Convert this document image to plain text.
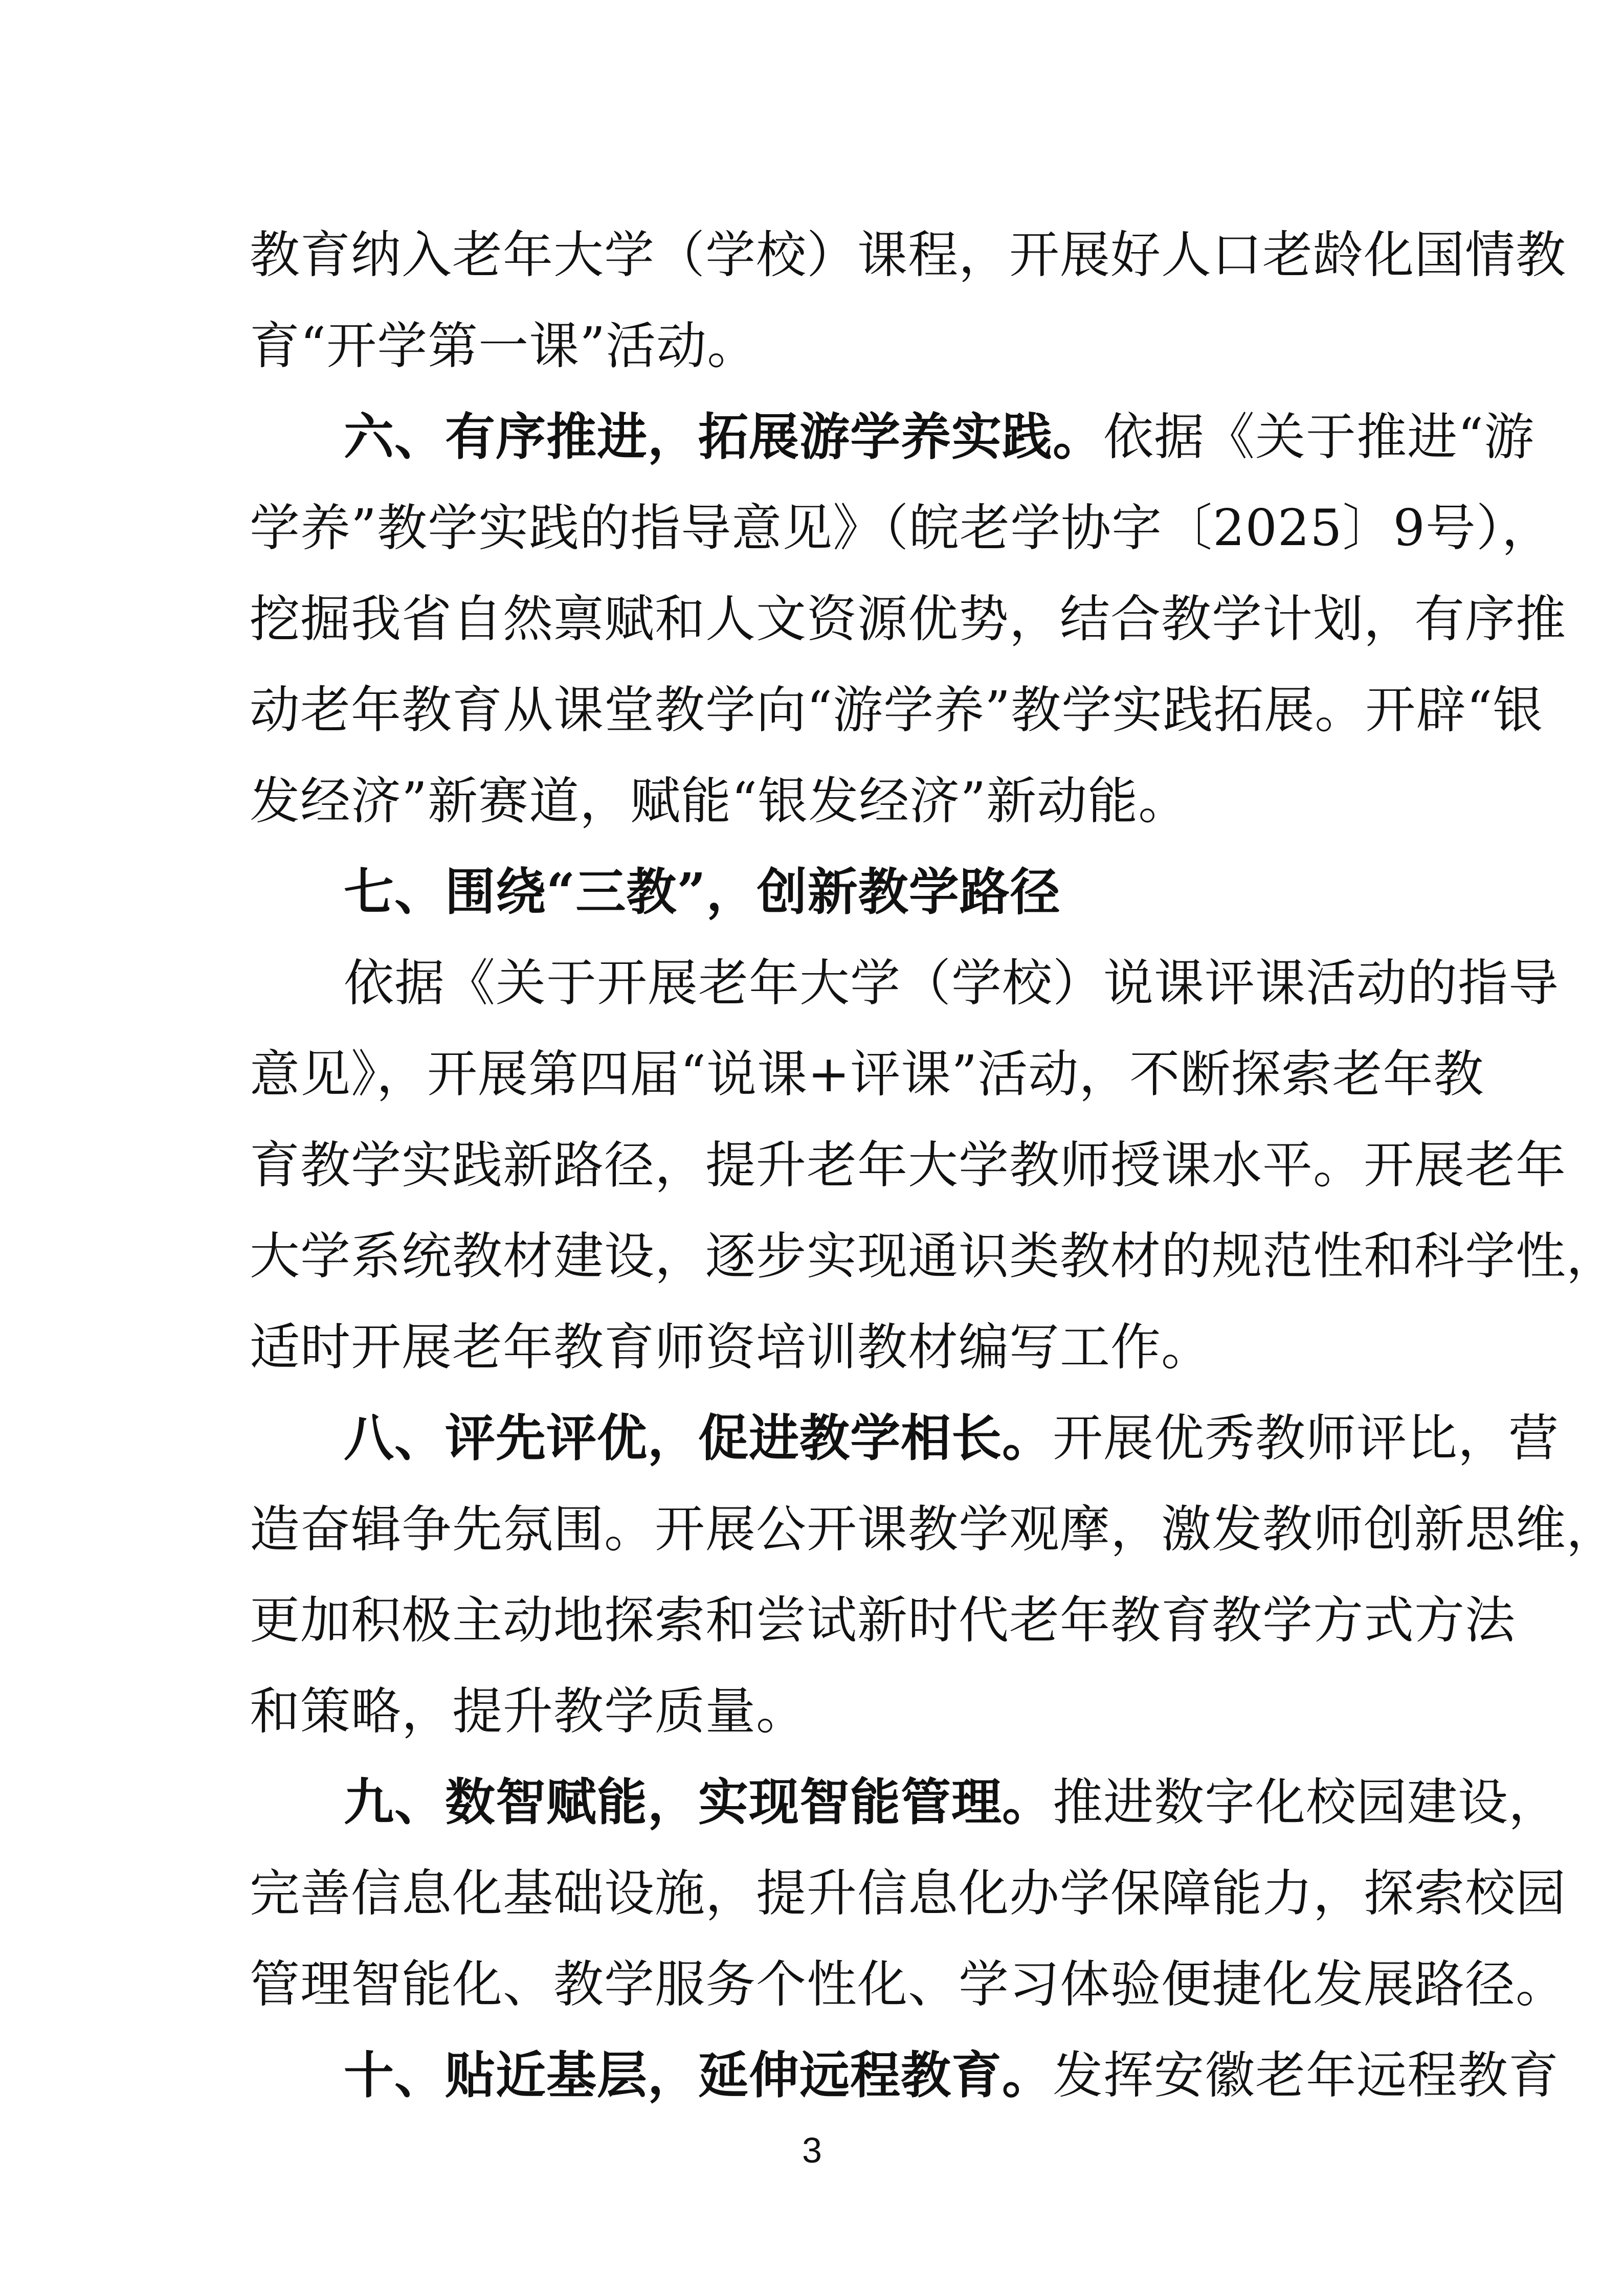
教育纳入老年大学（学校）课程，开展好人口老龄化国情教
育“开学第一课”活动。
六、有序推进，拓展游学养实践。依据《关于推进“游
学养”教学实践的指导意见》（皖老学协字〔2025〕9号），
挖掘我省自然禀赋和人文资源优势，结合教学计划，有序推
动老年教育从课堂教学向“游学养”教学实践拓展。开辟“银
发经济”新赛道，赋能“银发经济”新动能。
七、围绕“三教”，创新教学路径
依据《关于开展老年大学（学校）说课评课活动的指导
意见》，开展第四届“说课+评课”活动，不断探索老年教
育教学实践新路径，提升老年大学教师授课水平。开展老年
大学系统教材建设，逐步实现通识类教材的规范性和科学性，
适时开展老年教育师资培训教材编写工作。
八、评先评优，促进教学相长。开展优秀教师评比，营
造奋辑争先氛围。开展公开课教学观摩，激发教师创新思维，
更加积极主动地探索和尝试新时代老年教育教学方式方法
和策略，提升教学质量。
九、数智赋能，实现智能管理。推进数字化校园建设，
完善信息化基础设施，提升信息化办学保障能力，探索校园
管理智能化、教学服务个性化、学习体验便捷化发展路径。
十、贴近基层，延伸远程教育。发挥安徽老年远程教育
3
